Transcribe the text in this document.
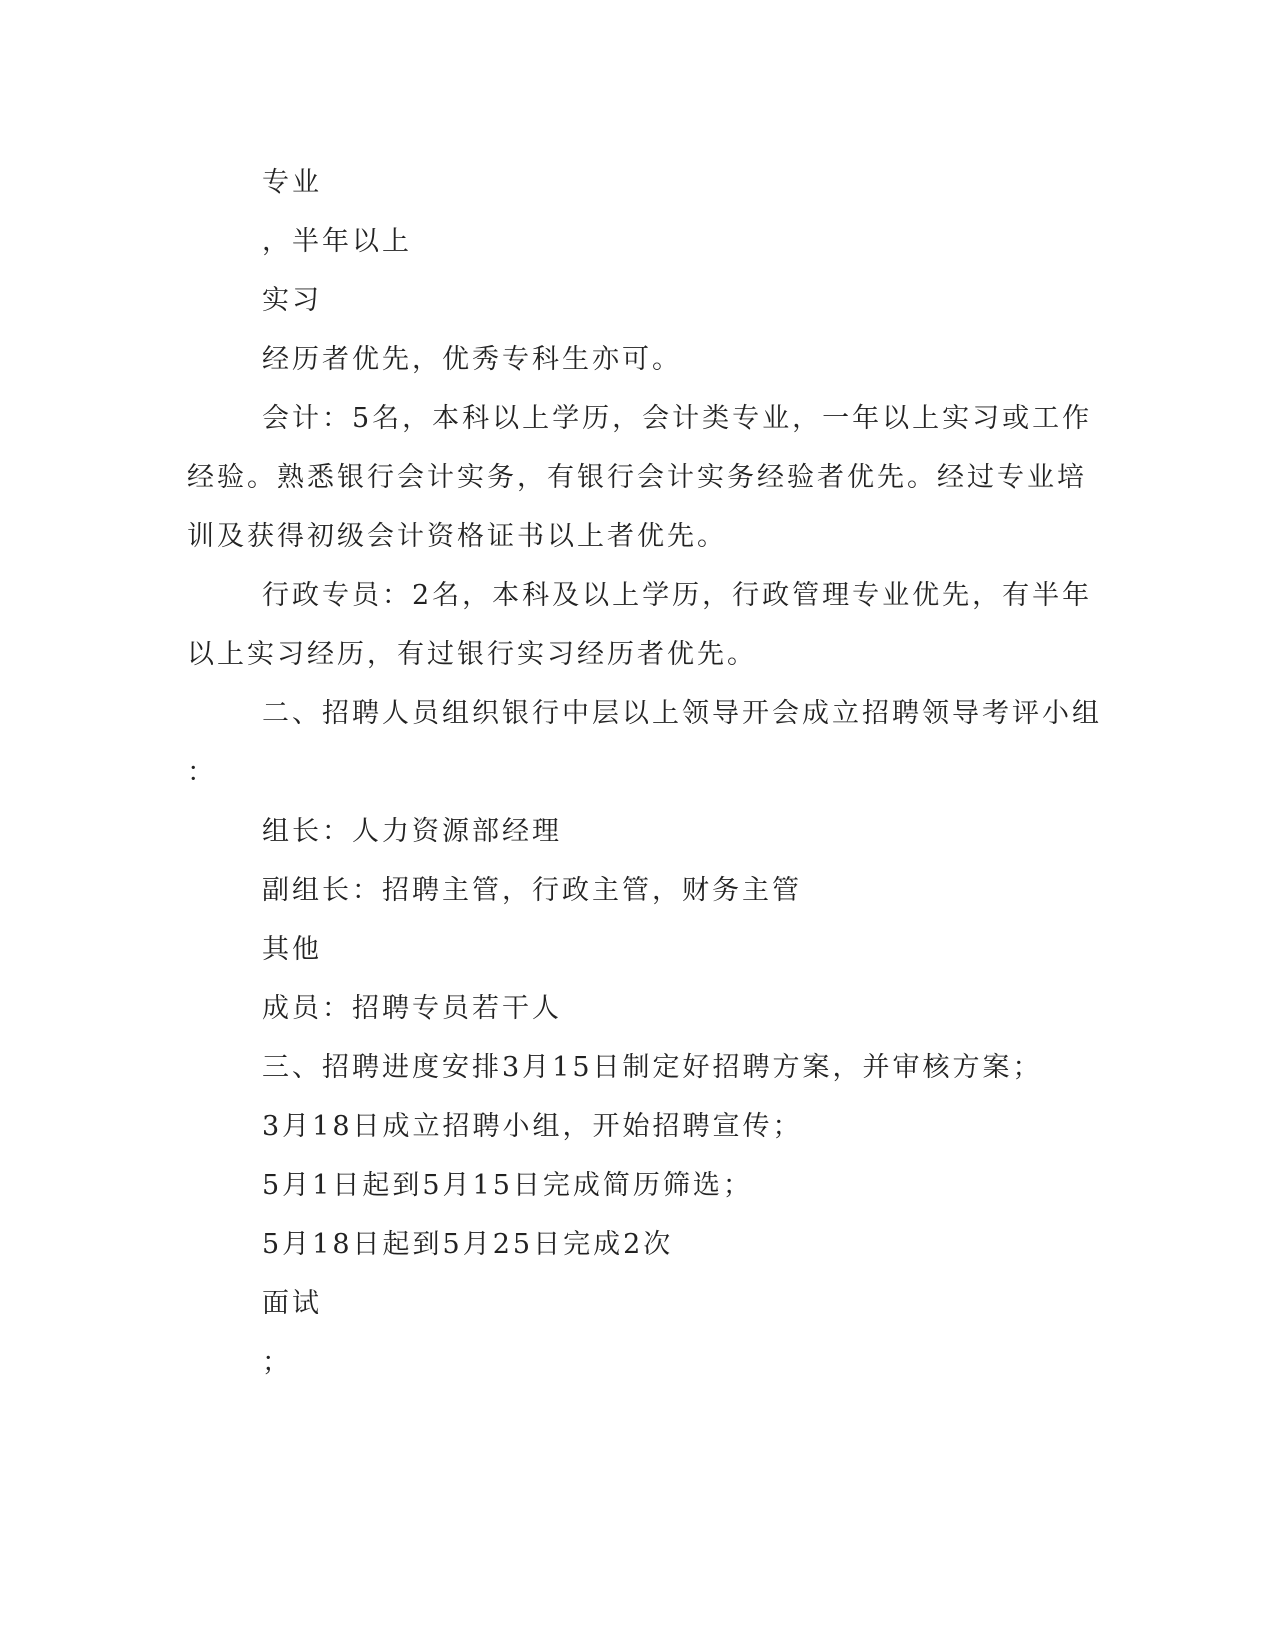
专业

，半年以上

实习

经历者优先，优秀专科生亦可。

会计：5名，本科以上学历，会计类专业，一年以上实习或工作

经验。熟悉银行会计实务，有银行会计实务经验者优先。经过专业培

训及获得初级会计资格证书以上者优先。

行政专员：2名，本科及以上学历，行政管理专业优先，有半年

以上实习经历，有过银行实习经历者优先。

二、招聘人员组织银行中层以上领导开会成立招聘领导考评小组

：

组长：人力资源部经理

副组长：招聘主管，行政主管，财务主管

其他

成员：招聘专员若干人

三、招聘进度安排3月15日制定好招聘方案，并审核方案；

3月18日成立招聘小组，开始招聘宣传；

5月1日起到5月15日完成简历筛选；

5月18日起到5月25日完成2次

面试

；
